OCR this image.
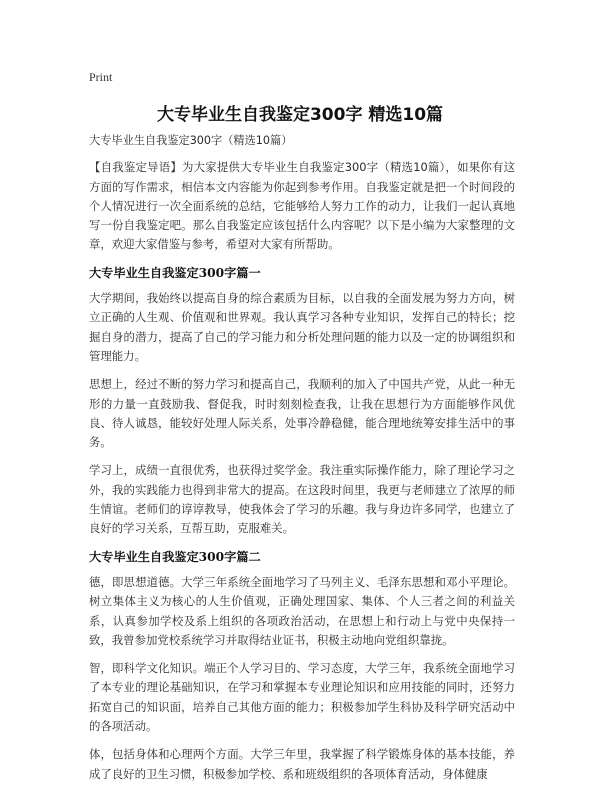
Print
大专毕业生自我鉴定300字 精选10篇

大专毕业生自我鉴定300字（精选10篇）

【自我鉴定导语】为大家提供大专毕业生自我鉴定300字（精选10篇），如果你有这方面的写作需求，相信本文内容能为你起到参考作用。自我鉴定就是把一个时间段的个人情况进行一次全面系统的总结，它能够给人努力工作的动力，让我们一起认真地写一份自我鉴定吧。那么自我鉴定应该包括什么内容呢？以下是小编为大家整理的文章，欢迎大家借鉴与参考，希望对大家有所帮助。

大专毕业生自我鉴定300字篇一

大学期间，我始终以提高自身的综合素质为目标，以自我的全面发展为努力方向，树立正确的人生观、价值观和世界观。我认真学习各种专业知识，发挥自己的特长；挖掘自身的潜力，提高了自己的学习能力和分析处理问题的能力以及一定的协调组织和管理能力。

思想上，经过不断的努力学习和提高自己，我顺利的加入了中国共产党，从此一种无形的力量一直鼓励我、督促我，时时刻刻检查我，让我在思想行为方面能够作风优良、待人诚恳，能较好处理人际关系，处事冷静稳健，能合理地统筹安排生活中的事务。

学习上，成绩一直很优秀，也获得过奖学金。我注重实际操作能力，除了理论学习之外，我的实践能力也得到非常大的提高。在这段时间里，我更与老师建立了浓厚的师生情谊。老师们的谆谆教导，使我体会了学习的乐趣。我与身边许多同学，也建立了良好的学习关系，互帮互助，克服难关。

大专毕业生自我鉴定300字篇二

德，即思想道德。大学三年系统全面地学习了马列主义、毛泽东思想和邓小平理论。树立集体主义为核心的人生价值观，正确处理国家、集体、个人三者之间的利益关系，认真参加学校及系上组织的各项政治活动，在思想上和行动上与党中央保持一致，我曾参加党校系统学习并取得结业证书，积极主动地向党组织靠拢。

智，即科学文化知识。端正个人学习目的、学习态度，大学三年，我系统全面地学习了本专业的理论基础知识，在学习和掌握本专业理论知识和应用技能的同时，还努力拓宽自己的知识面，培养自己其他方面的能力；积极参加学生科协及科学研究活动中的各项活动。

体，包括身体和心理两个方面。大学三年里，我掌握了科学锻炼身体的基本技能，养成了良好的卫生习惯，积极参加学校、系和班级组织的各项体育活动，身体健康
